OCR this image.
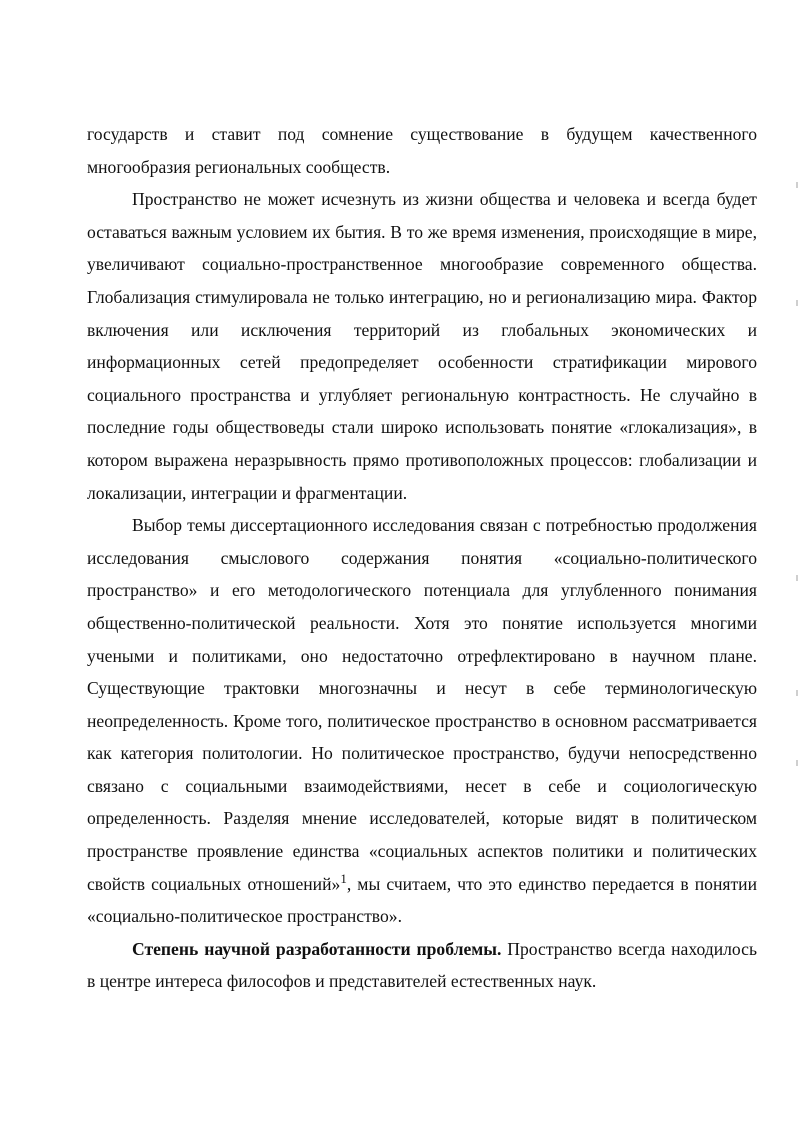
государств и ставит под сомнение существование в будущем качественного многообразия региональных сообществ.

Пространство не может исчезнуть из жизни общества и человека и всегда будет оставаться важным условием их бытия. В то же время изменения, происходящие в мире, увеличивают социально-пространственное многообразие современного общества. Глобализация стимулировала не только интеграцию, но и регионализацию мира. Фактор включения или исключения территорий из глобальных экономических и информационных сетей предопределяет особенности стратификации мирового социального пространства и углубляет региональную контрастность. Не случайно в последние годы обществоведы стали широко использовать понятие «глокализация», в котором выражена неразрывность прямо противоположных процессов: глобализации и локализации, интеграции и фрагментации.

Выбор темы диссертационного исследования связан с потребностью продолжения исследования смыслового содержания понятия «социально-политического пространство» и его методологического потенциала для углубленного понимания общественно-политической реальности. Хотя это понятие используется многими учеными и политиками, оно недостаточно отрефлектировано в научном плане. Существующие трактовки многозначны и несут в себе терминологическую неопределенность. Кроме того, политическое пространство в основном рассматривается как категория политологии. Но политическое пространство, будучи непосредственно связано с социальными взаимодействиями, несет в себе и социологическую определенность. Разделяя мнение исследователей, которые видят в политическом пространстве проявление единства «социальных аспектов политики и политических свойств социальных отношений»$^1$, мы считаем, что это единство передается в понятии «социально-политическое пространство».

Степень научной разработанности проблемы. Пространство всегда находилось в центре интереса философов и представителей естественных наук.
